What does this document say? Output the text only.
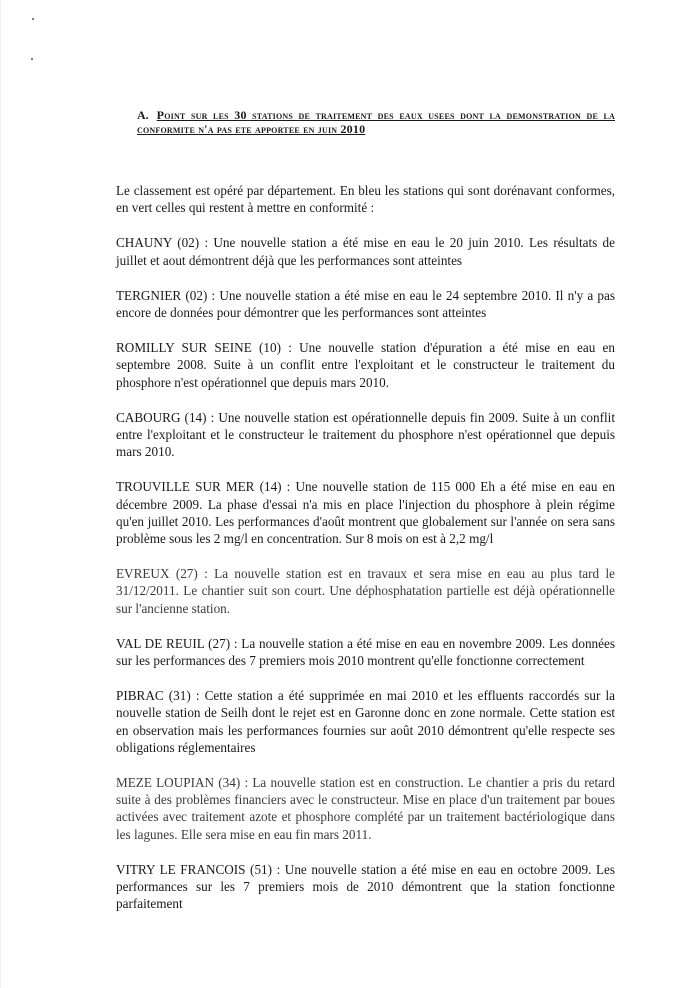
A. Point sur les 30 stations de traitement des eaux usees dont la demonstration de la conformite n'a pas ete apportee en juin 2010

Le classement est opéré par département. En bleu les stations qui sont dorénavant conformes, en vert celles qui restent à mettre en conformité :

CHAUNY (02) : Une nouvelle station a été mise en eau le 20 juin 2010. Les résultats de juillet et aout démontrent déjà que les performances sont atteintes

TERGNIER (02) : Une nouvelle station a été mise en eau le 24 septembre 2010. Il n'y a pas encore de données pour démontrer que les performances sont atteintes

ROMILLY SUR SEINE (10) : Une nouvelle station d'épuration a été mise en eau en septembre 2008. Suite à un conflit entre l'exploitant et le constructeur le traitement du phosphore n'est opérationnel que depuis mars 2010.

CABOURG (14) : Une nouvelle station est opérationnelle depuis fin 2009. Suite à un conflit entre l'exploitant et le constructeur le traitement du phosphore n'est opérationnel que depuis mars 2010.

TROUVILLE SUR MER (14) : Une nouvelle station de 115 000 Eh a été mise en eau en décembre 2009. La phase d'essai n'a mis en place l'injection du phosphore à plein régime qu'en juillet 2010. Les performances d'août montrent que globalement sur l'année on sera sans problème sous les 2 mg/l en concentration. Sur 8 mois on est à 2,2 mg/l

EVREUX (27) : La nouvelle station est en travaux et sera mise en eau au plus tard le 31/12/2011. Le chantier suit son court. Une déphosphatation partielle est déjà opérationnelle sur l'ancienne station.

VAL DE REUIL (27) : La nouvelle station a été mise en eau en novembre 2009. Les données sur les performances des 7 premiers mois 2010 montrent qu'elle fonctionne correctement

PIBRAC (31) : Cette station a été supprimée en mai 2010 et les effluents raccordés sur la nouvelle station de Seilh dont le rejet est en Garonne donc en zone normale. Cette station est en observation mais les performances fournies sur août 2010 démontrent qu'elle respecte ses obligations réglementaires

MEZE LOUPIAN (34) : La nouvelle station est en construction. Le chantier a pris du retard suite à des problèmes financiers avec le constructeur. Mise en place d'un traitement par boues activées avec traitement azote et phosphore complété par un traitement bactériologique dans les lagunes. Elle sera mise en eau fin mars 2011.

VITRY LE FRANCOIS (51) : Une nouvelle station a été mise en eau en octobre 2009. Les performances sur les 7 premiers mois de 2010 démontrent que la station fonctionne parfaitement
